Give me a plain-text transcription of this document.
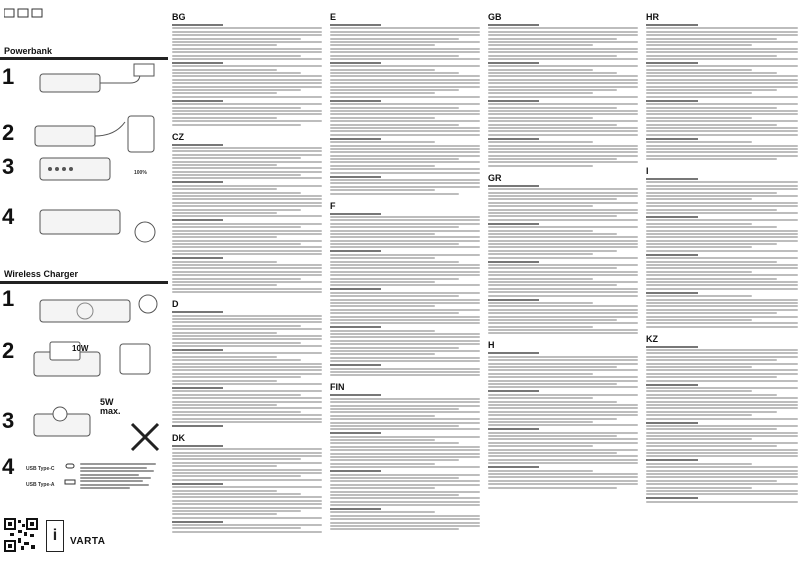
Powerbank
1
2
3	100%
4
Wireless Charger
1
2	10W
3
5W
max.
4 USB Type-C
USB Type-A
i	VARTA
BG
CZ
D
DK
E
F
FIN
GB
GR
H
HR
I
KZ
